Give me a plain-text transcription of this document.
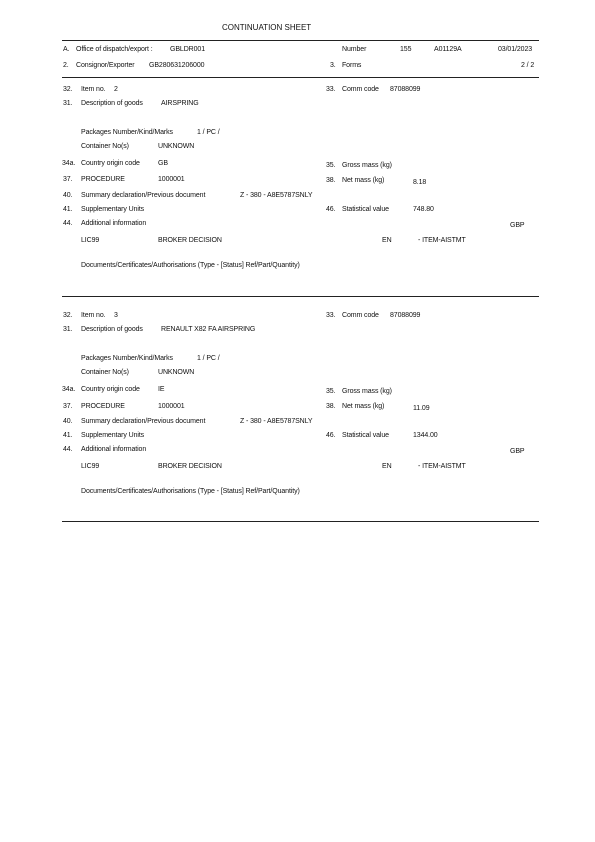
CONTINUATION SHEET
A. Office of dispatch/export : GBLDR001	Number	155	A01129A	03/01/2023
2. Consignor/Exporter GB280631206000	3. Forms	2 / 2
32. Item no. 2	33. Comm code 87088099
31. Description of goods	AIRSPRING
Packages Number/Kind/Marks	1 / PC /
Container No(s)	UNKNOWN
34a. Country origin code	GB	35. Gross mass (kg)
37. PROCEDURE	1000001	38. Net mass (kg)	8.18
40. Summary declaration/Previous document	Z - 380 - A8E5787SNLY
41. Supplementary Units	46. Statistical value	748.80
44. Additional information	GBP
LIC99	BROKER DECISION	EN	- ITEM-AISTMT
Documents/Certificates/Authorisations (Type - [Status] Ref/Part/Quantity)
32. Item no. 3	33. Comm code 87088099
31. Description of goods	RENAULT X82 FA AIRSPRING
Packages Number/Kind/Marks	1 / PC /
Container No(s)	UNKNOWN
34a. Country origin code	IE	35. Gross mass (kg)
37. PROCEDURE	1000001	38. Net mass (kg)	11.09
40. Summary declaration/Previous document	Z - 380 - A8E5787SNLY
41. Supplementary Units	46. Statistical value	1344.00
44. Additional information	GBP
LIC99	BROKER DECISION	EN	- ITEM-AISTMT
Documents/Certificates/Authorisations (Type - [Status] Ref/Part/Quantity)
